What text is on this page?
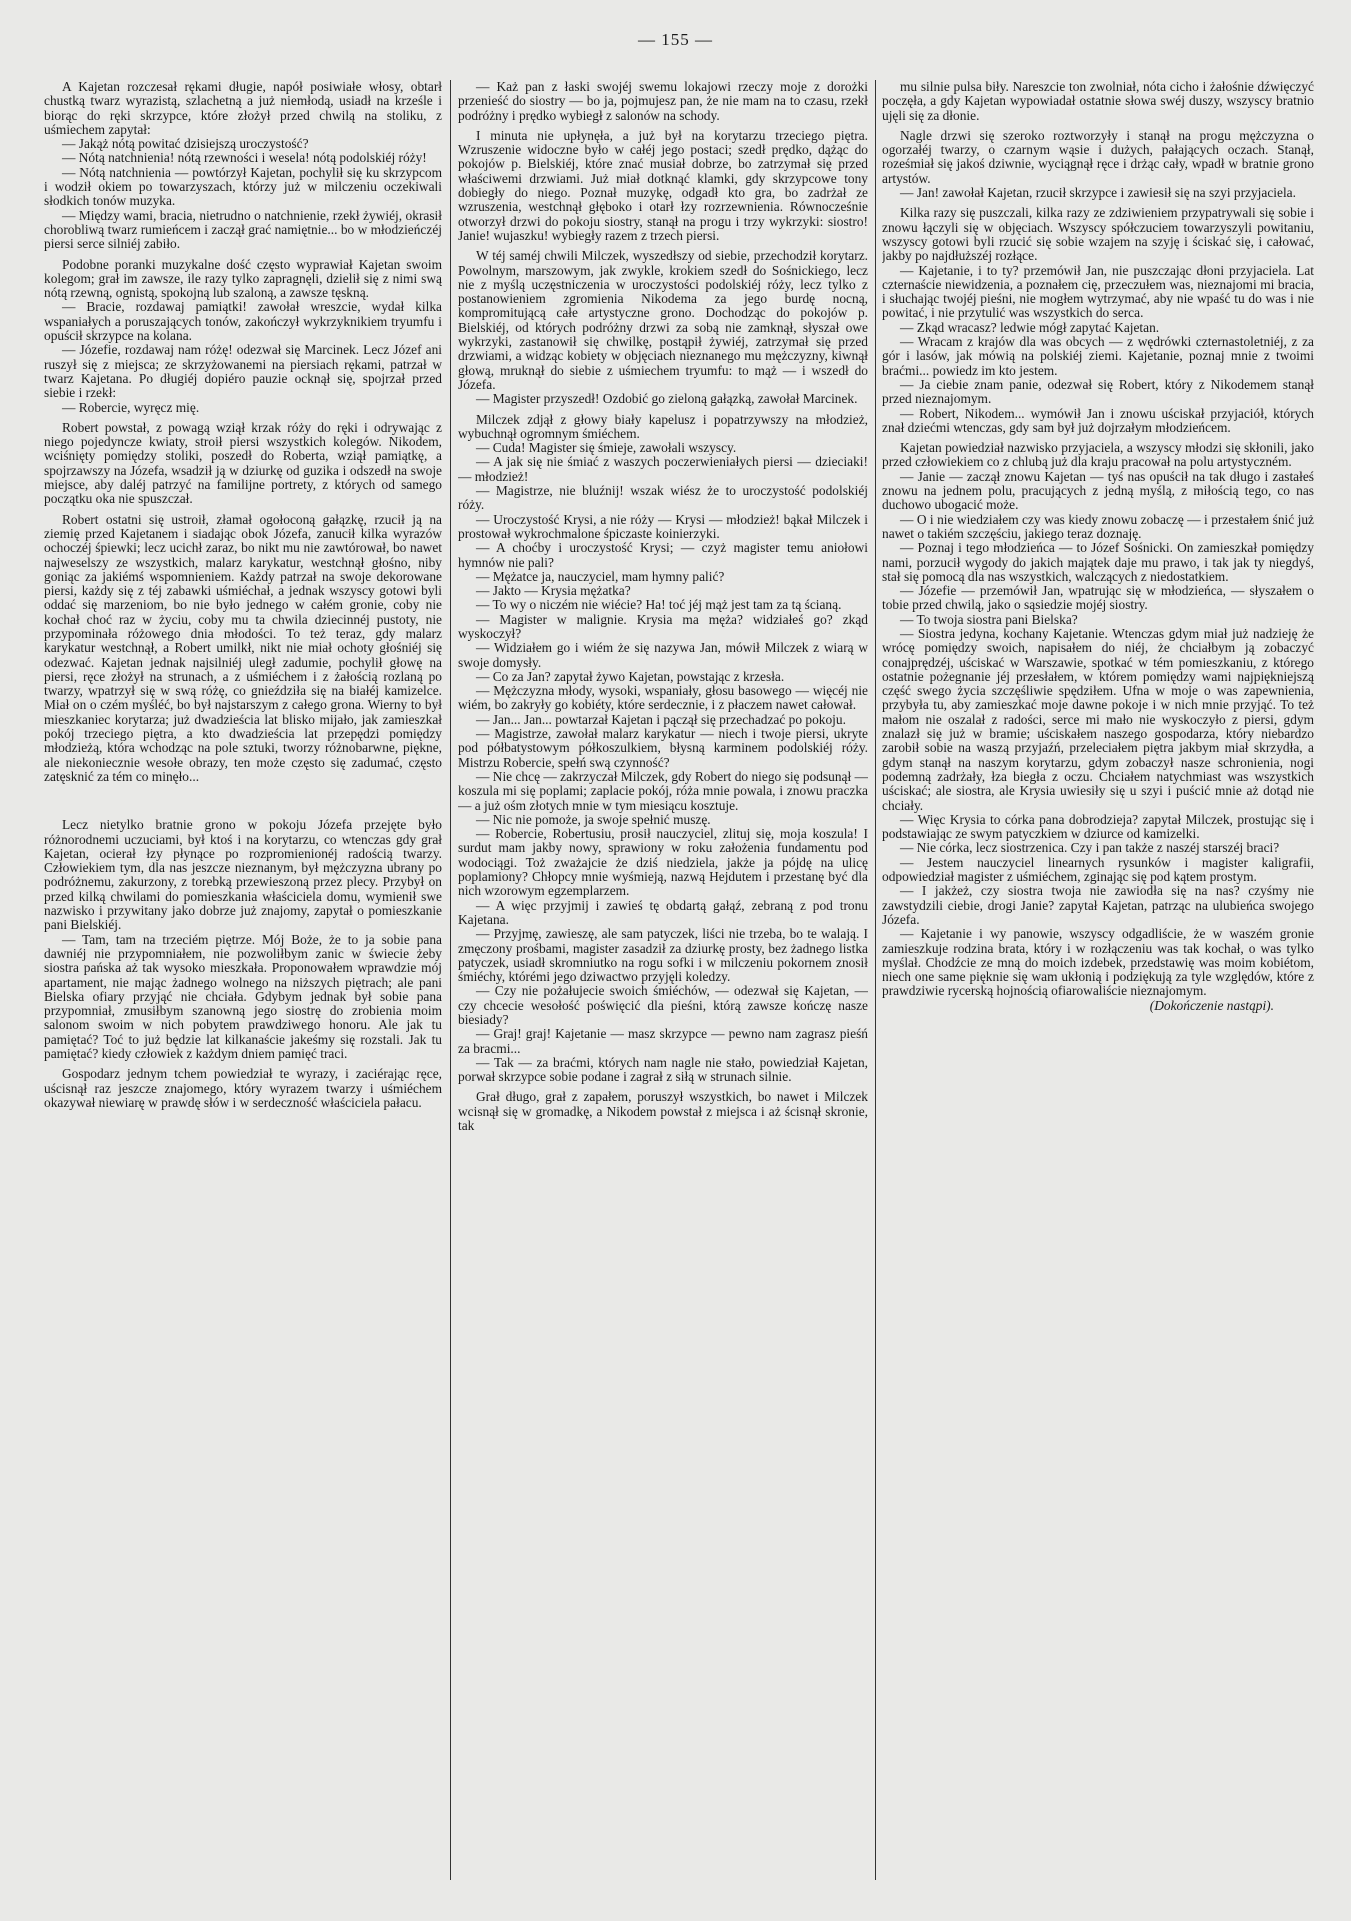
— 155 —

A Kajetan rozczesał rękami długie, napół posiwiałe włosy, obtarł chustką twarz wyrazistą, szlachetną a już niemłodą, usiadł na krześle i biorąc do ręki skrzypce, które złożył przed chwilą na stoliku, z uśmiechem zapytał:

— Jakąż nótą powitać dzisiejszą uroczystość?

— Nótą natchnienia! nótą rzewności i wesela! nótą podolskiéj róży!

— Nótą natchnienia — powtórzył Kajetan, pochylił się ku skrzypcom i wodził okiem po towarzyszach, którzy już w milczeniu oczekiwali słodkich tonów muzyka.

— Między wami, bracia, nietrudno o natchnienie, rzekł żywiéj, okrasił chorobliwą twarz rumieńcem i zaczął grać namiętnie... bo w młodzieńczéj piersi serce silniéj zabiło.

Podobne poranki muzykalne dość często wyprawiał Kajetan swoim kolegom; grał im zawsze, ile razy tylko zapragnęli, dzielił się z nimi swą nótą rzewną, ognistą, spokojną lub szaloną, a zawsze tęskną.

— Bracie, rozdawaj pamiątki! zawołał wreszcie, wydał kilka wspaniałych a poruszających tonów, zakończył wykrzyknikiem tryumfu i opuścił skrzypce na kolana.

— Józefie, rozdawaj nam różę! odezwał się Marcinek. Lecz Józef ani ruszył się z miejsca; ze skrzyżowanemi na piersiach rękami, patrzał w twarz Kajetana. Po długiéj dopiéro pauzie ocknął się, spojrzał przed siebie i rzekł:

— Robercie, wyręcz mię.

Robert powstał, z powagą wziął krzak róży do ręki i odrywając z niego pojedyncze kwiaty, stroił piersi wszystkich kolegów. Nikodem, wciśnięty pomiędzy stoliki, poszedł do Roberta, wziął pamiątkę, a spojrzawszy na Józefa, wsadził ją w dziurkę od guzika i odszedł na swoje miejsce, aby daléj patrzyć na familijne portrety, z których od samego początku oka nie spuszczał.

Robert ostatni się ustroił, złamał ogołoconą gałązkę, rzucił ją na ziemię przed Kajetanem i siadając obok Józefa, zanucił kilka wyrazów ochoczéj śpiewki; lecz ucichł zaraz, bo nikt mu nie zawtórował, bo nawet najweselszy ze wszystkich, malarz karykatur, westchnął głośno, niby goniąc za jakiémś wspomnieniem. Każdy patrzał na swoje dekorowane piersi, każdy się z téj zabawki uśmiéchał, a jednak wszyscy gotowi byli oddać się marzeniom, bo nie było jednego w całém gronie, coby nie kochał choć raz w życiu, coby mu ta chwila dziecinnéj pustoty, nie przypominała różowego dnia młodości. To też teraz, gdy malarz karykatur westchnął, a Robert umilkł, nikt nie miał ochoty głośniéj się odezwać. Kajetan jednak najsilniéj uległ zadumie, pochylił głowę na piersi, ręce złożył na strunach, a z uśmiéchem i z żałością rozlaną po twarzy, wpatrzył się w swą różę, co gnieździła się na białéj kamizelce. Miał on o czém myśléć, bo był najstarszym z całego grona. Wierny to był mieszkaniec korytarza; już dwadzieścia lat blisko mijało, jak zamieszkał pokój trzeciego piętra, a kto dwadzieścia lat przepędzi pomiędzy młodzieżą, która wchodząc na pole sztuki, tworzy różnobarwne, piękne, ale niekoniecznie wesołe obrazy, ten może często się zadumać, często zatęsknić za tém co minęło...

Lecz nietylko bratnie grono w pokoju Józefa przejęte było różnorodnemi uczuciami, był ktoś i na korytarzu, co wtenczas gdy grał Kajetan, ocierał łzy płynące po rozpromienionéj radością twarzy. Człowiekiem tym, dla nas jeszcze nieznanym, był mężczyzna ubrany po podróżnemu, zakurzony, z torebką przewieszoną przez plecy. Przybył on przed kilką chwilami do pomieszkania właściciela domu, wymienił swe nazwisko i przywitany jako dobrze już znajomy, zapytał o pomieszkanie pani Bielskiéj.

— Tam, tam na trzeciém piętrze. Mój Boże, że to ja sobie pana dawniéj nie przypomniałem, nie pozwoliłbym zanic w świecie żeby siostra pańska aż tak wysoko mieszkała. Proponowałem wprawdzie mój apartament, nie mając żadnego wolnego na niższych piętrach; ale pani Bielska ofiary przyjąć nie chciała. Gdybym jednak był sobie pana przypomniał, zmusiłbym szanowną jego siostrę do zrobienia moim salonom swoim w nich pobytem prawdziwego honoru. Ale jak tu pamiętać? Toć to już będzie lat kilkanaście jakeśmy się rozstali. Jak tu pamiętać? kiedy człowiek z każdym dniem pamięć traci.

Gospodarz jednym tchem powiedział te wyrazy, i zaciérając ręce, uścisnął raz jeszcze znajomego, który wyrazem twarzy i uśmiéchem okazywał niewiarę w prawdę słów i w serdeczność właściciela pałacu.

— Każ pan z łaski swojéj swemu lokajowi rzeczy moje z dorożki przenieść do siostry — bo ja, pojmujesz pan, że nie mam na to czasu, rzekł podróżny i prędko wybiegł z salonów na schody.

I minuta nie upłynęła, a już był na korytarzu trzeciego piętra. Wzruszenie widoczne było w całéj jego postaci; szedł prędko, dążąc do pokojów p. Bielskiéj, które znać musiał dobrze, bo zatrzymał się przed właściwemi drzwiami. Już miał dotknąć klamki, gdy skrzypcowe tony dobiegły do niego. Poznał muzykę, odgadł kto gra, bo zadrżał ze wzruszenia, westchnął głęboko i otarł łzy rozrzewnienia. Równocześnie otworzył drzwi do pokoju siostry, stanął na progu i trzy wykrzyki: siostro! Janie! wujaszku! wybiegły razem z trzech piersi.

W téj saméj chwili Milczek, wyszedłszy od siebie, przechodził korytarz. Powolnym, marszowym, jak zwykle, krokiem szedł do Sośnickiego, lecz nie z myślą uczęstniczenia w uroczystości podolskiéj róży, lecz tylko z postanowieniem zgromienia Nikodema za jego burdę nocną, kompromitującą całe artystyczne grono. Dochodząc do pokojów p. Bielskiéj, od których podróżny drzwi za sobą nie zamknął, słyszał owe wykrzyki, zastanowił się chwilkę, postąpił żywiéj, zatrzymał się przed drzwiami, a widząc kobiety w objęciach nieznanego mu mężczyzny, kiwnął głową, mruknął do siebie z uśmiechem tryumfu: to mąż — i wszedł do Józefa.

— Magister przyszedł! Ozdobić go zieloną gałązką, zawołał Marcinek.

Milczek zdjął z głowy biały kapelusz i popatrzywszy na młodzież, wybuchnął ogromnym śmiéchem.

— Cuda! Magister się śmieje, zawołali wszyscy.

— A jak się nie śmiać z waszych poczerwieniałych piersi — dzieciaki! — młodzież!

— Magistrze, nie bluźnij! wszak wiész że to uroczystość podolskiéj róży.

— Uroczystość Krysi, a nie róży — Krysi — młodzież! bąkał Milczek i prostował wykrochmalone śpiczaste koinierzyki.

— A choćby i uroczystość Krysi; — czyż magister temu aniołowi hymnów nie pali?

— Mężatce ja, nauczyciel, mam hymny palić?

— Jakto — Krysia mężatka?

— To wy o niczém nie wiécie? Ha! toć jéj mąż jest tam za tą ścianą.

— Magister w malignie. Krysia ma męża? widziałeś go? zkąd wyskoczył?

— Widziałem go i wiém że się nazywa Jan, mówił Milczek z wiarą w swoje domysły.

— Co za Jan? zapytał żywo Kajetan, powstając z krzesła.

— Mężczyzna młody, wysoki, wspaniały, głosu basowego — więcéj nie wiém, bo zakryły go kobiéty, które serdecznie, i z płaczem nawet całował.

— Jan... Jan... powtarzał Kajetan i pączął się przechadzać po pokoju.

— Magistrze, zawołał malarz karykatur — niech i twoje piersi, ukryte pod półbatystowym półkoszulkiem, błysną karminem podolskiéj róży. Mistrzu Robercie, spełń swą czynność?

— Nie chcę — zakrzyczał Milczek, gdy Robert do niego się podsunął — koszula mi się poplami; zaplacie pokój, róża mnie powala, i znowu praczka — a już ośm złotych mnie w tym miesiącu kosztuje.

— Nic nie pomoże, ja swoje spełnić muszę.

— Robercie, Robertusiu, prosił nauczyciel, zlituj się, moja koszula! I surdut mam jakby nowy, sprawiony w roku założenia fundamentu pod wodociągi. Toż zważajcie że dziś niedziela, jakże ja pójdę na ulicę poplamiony? Chłopcy mnie wyśmieją, nazwą Hejdutem i przestanę być dla nich wzorowym egzemplarzem.

— A więc przyjmij i zawieś tę obdartą gałąź, zebraną z pod tronu Kajetana.

— Przyjmę, zawieszę, ale sam patyczek, liści nie trzeba, bo te walają. I zmęczony prośbami, magister zasadził za dziurkę prosty, bez żadnego listka patyczek, usiadł skromniutko na rogu sofki i w milczeniu pokornem znosił śmiéchy, którémi jego dziwactwo przyjęli koledzy.

— Czy nie pożałujecie swoich śmiéchów, — odezwał się Kajetan, — czy chcecie wesołość poświęcić dla pieśni, którą zawsze kończę nasze biesiady?

— Graj! graj! Kajetanie — masz skrzypce — pewno nam zagrasz pieśń za bracmi...

— Tak — za braćmi, których nam nagle nie stało, powiedział Kajetan, porwał skrzypce sobie podane i zagrał z siłą w strunach silnie.

Grał długo, grał z zapałem, poruszył wszystkich, bo nawet i Milczek wcisnął się w gromadkę, a Nikodem powstał z miejsca i aż ścisnął skronie, tak

mu silnie pulsa biły. Nareszcie ton zwolniał, nóta cicho i żałośnie dźwięczyć poczęła, a gdy Kajetan wypowiadał ostatnie słowa swéj duszy, wszyscy bratnio ujęli się za dłonie.

Nagle drzwi się szeroko roztworzyły i stanął na progu mężczyzna o ogorzałéj twarzy, o czarnym wąsie i dużych, pałających oczach. Stanął, roześmiał się jakoś dziwnie, wyciągnął ręce i drżąc cały, wpadł w bratnie grono artystów.

— Jan! zawołał Kajetan, rzucił skrzypce i zawiesił się na szyi przyjaciela.

Kilka razy się puszczali, kilka razy ze zdziwieniem przypatrywali się sobie i znowu łączyli się w objęciach. Wszyscy spółczuciem towarzyszyli powitaniu, wszyscy gotowi byli rzucić się sobie wzajem na szyję i ściskać się, i całować, jakby po najdłuższéj rozłące.

— Kajetanie, i to ty? przemówił Jan, nie puszczając dłoni przyjaciela. Lat czternaście niewidzenia, a poznałem cię, przeczułem was, nieznajomi mi bracia, i słuchając twojéj pieśni, nie mogłem wytrzymać, aby nie wpaść tu do was i nie powitać, i nie przytulić was wszystkich do serca.

— Zkąd wracasz? ledwie mógł zapytać Kajetan.

— Wracam z krajów dla was obcych — z wędrówki czternastoletniéj, z za gór i lasów, jak mówią na polskiéj ziemi. Kajetanie, poznaj mnie z twoimi braćmi... powiedz im kto jestem.

— Ja ciebie znam panie, odezwał się Robert, który z Nikodemem stanął przed nieznajomym.

— Robert, Nikodem... wymówił Jan i znowu uściskał przyjaciół, których znał dziećmi wtenczas, gdy sam był już dojrzałym młodzieńcem.

Kajetan powiedział nazwisko przyjaciela, a wszyscy młodzi się skłonili, jako przed człowiekiem co z chlubą już dla kraju pracował na polu artystyczném.

— Janie — zaczął znowu Kajetan — tyś nas opuścił na tak długo i zastałeś znowu na jednem polu, pracujących z jedną myślą, z miłością tego, co nas duchowo ubogacić może.

— O i nie wiedziałem czy was kiedy znowu zobaczę — i przestałem śnić już nawet o takiém szczęściu, jakiego teraz doznaję.

— Poznaj i tego młodzieńca — to Józef Sośnicki. On zamieszkał pomiędzy nami, porzucił wygody do jakich majątek daje mu prawo, i tak jak ty niegdyś, stał się pomocą dla nas wszystkich, walczących z niedostatkiem.

— Józefie — przemówił Jan, wpatrując się w młodzieńca, — słyszałem o tobie przed chwilą, jako o sąsiedzie mojéj siostry.

— To twoja siostra pani Bielska?

— Siostra jedyna, kochany Kajetanie. Wtenczas gdym miał już nadzieję że wrócę pomiędzy swoich, napisałem do niéj, że chciałbym ją zobaczyć conajprędzéj, uściskać w Warszawie, spotkać w tém pomieszkaniu, z którego ostatnie pożegnanie jéj przesłałem, w którem pomiędzy wami najpiękniejszą część swego życia szczęśliwie spędziłem. Ufna w moje o was zapewnienia, przybyła tu, aby zamieszkać moje dawne pokoje i w nich mnie przyjąć. To też małom nie oszalał z radości, serce mi mało nie wyskoczyło z piersi, gdym znalazł się już w bramie; uściskałem naszego gospodarza, który niebardzo zarobił sobie na waszą przyjaźń, przeleciałem piętra jakbym miał skrzydła, a gdym stanął na naszym korytarzu, gdym zobaczył nasze schronienia, nogi podemną zadrżały, łza biegła z oczu. Chciałem natychmiast was wszystkich uściskać; ale siostra, ale Krysia uwiesiły się u szyi i puścić mnie aż dotąd nie chciały.

— Więc Krysia to córka pana dobrodzieja? zapytał Milczek, prostując się i podstawiając ze swym patyczkiem w dziurce od kamizelki.

— Nie córka, lecz siostrzenica. Czy i pan także z naszéj starszéj braci?

— Jestem nauczyciel linearnych rysunków i magister kaligrafii, odpowiedział magister z uśmiéchem, zginając się pod kątem prostym.

— I jakżeż, czy siostra twoja nie zawiodła się na nas? czyśmy nie zawstydzili ciebie, drogi Janie? zapytał Kajetan, patrząc na ulubieńca swojego Józefa.

— Kajetanie i wy panowie, wszyscy odgadliście, że w waszém gronie zamieszkuje rodzina brata, który i w rozłączeniu was tak kochał, o was tylko myślał. Chodźcie ze mną do moich izdebek, przedstawię was moim kobiétom, niech one same pięknie się wam ukłonią i podziękują za tyle względów, które z prawdziwie rycerską hojnością ofiarowaliście nieznajomym.

(Dokończenie nastąpi).
